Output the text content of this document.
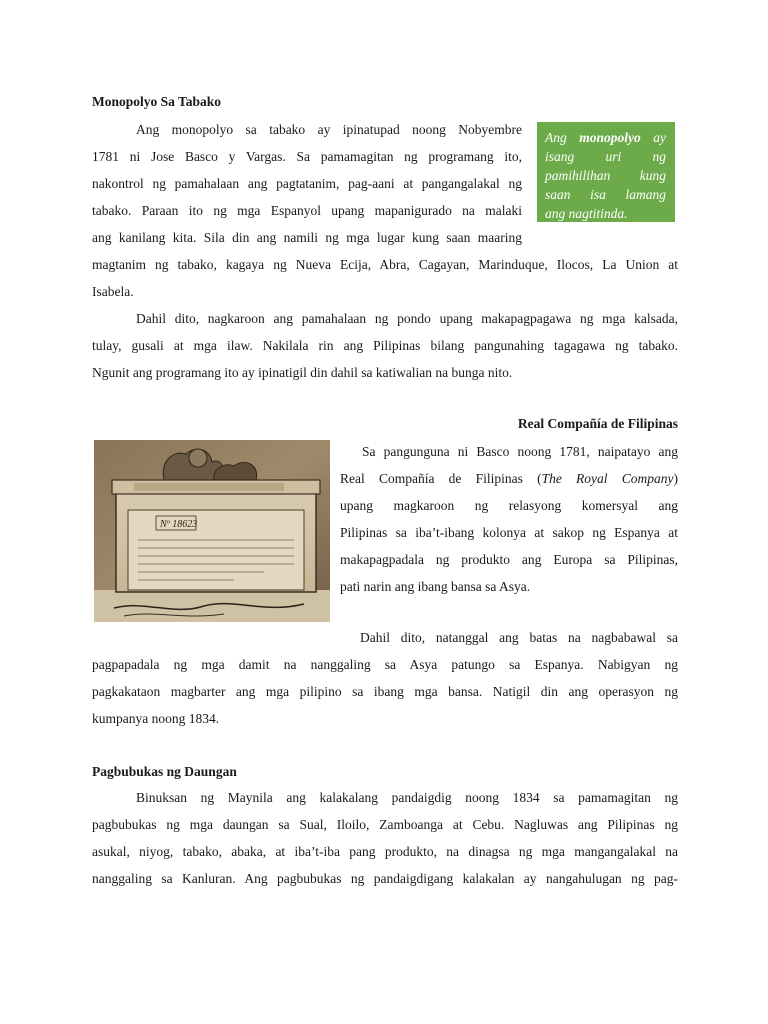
Monopolyo Sa Tabako
Ang monopolyo sa tabako ay ipinatupad noong Nobyembre
1781 ni Jose Basco y Vargas. Sa pamamagitan ng programang ito,
nakontrol ng pamahalaan ang pagtatanim, pag-aani at pangangalakal ng
tabako. Paraan ito ng mga Espanyol upang mapanigurado na malaki
ang kanilang kita. Sila din ang namili ng mga lugar kung saan maaring
magtanim ng tabako, kagaya ng Nueva Ecija, Abra, Cagayan, Marinduque, Ilocos, La Union at
Isabela.
Ang monopolyo ay
isang uri ng
pamihilihan kung
saan isa lamang
ang nagtitinda.
Dahil dito, nagkaroon ang pamahalaan ng pondo upang makapagpagawa ng mga kalsada,
tulay, gusali at mga ilaw. Nakilala rin ang Pilipinas bilang pangunahing tagagawa ng tabako.
Ngunit ang programang ito ay ipinatigil din dahil sa katiwalian na bunga nito.
Real Compañía de Filipinas
Nº 18623
Sa pangunguna ni Basco noong 1781, naipatayo ang
Real Compañía de Filipinas (The Royal Company)
upang magkaroon ng relasyong komersyal ang
Pilipinas sa iba’t-ibang kolonya at sakop ng Espanya at
makapagpadala ng produkto ang Europa sa Pilipinas,
pati narin ang ibang bansa sa Asya.
Dahil dito, natanggal ang batas na nagbabawal sa
pagpapadala ng mga damit na nanggaling sa Asya patungo sa Espanya. Nabigyan ng
pagkakataon magbarter ang mga pilipino sa ibang mga bansa. Natigil din ang operasyon ng
kumpanya noong 1834.
Pagbubukas ng Daungan
Binuksan ng Maynila ang kalakalang pandaigdig noong 1834 sa pamamagitan ng
pagbubukas ng mga daungan sa Sual, Iloilo, Zamboanga at Cebu. Nagluwas ang Pilipinas ng
asukal, niyog, tabako, abaka, at iba’t-iba pang produkto, na dinagsa ng mga mangangalakal na
nanggaling sa Kanluran. Ang pagbubukas ng pandaigdigang kalakalan ay nangahulugan ng pag-
